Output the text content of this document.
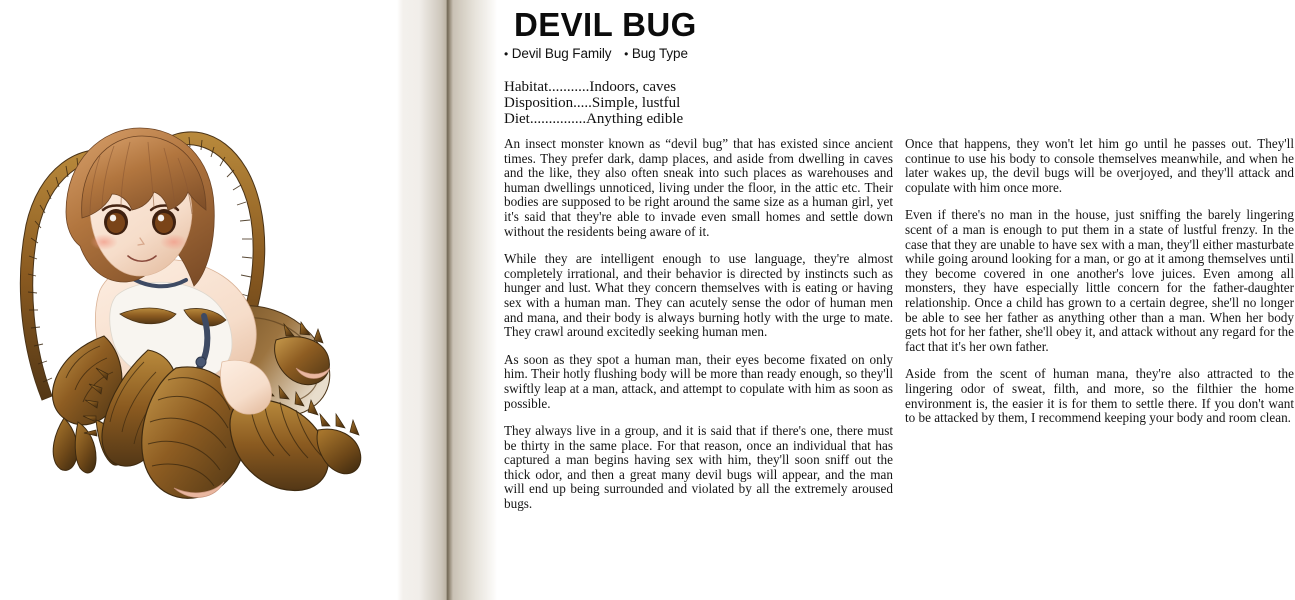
DEVIL BUG
• Devil Bug Family • Bug Type
Habitat...........Indoors, caves
Disposition.....Simple, lustful
Diet...............Anything edible

An insect monster known as “devil bug” that has existed since ancient times. They prefer dark, damp places, and aside from dwelling in caves and the like, they also often sneak into such places as warehouses and human dwellings unnoticed, living under the floor, in the attic etc. Their bodies are supposed to be right around the same size as a human girl, yet it's said that they're able to invade even small homes and settle down without the residents being aware of it.

While they are intelligent enough to use language, they're almost completely irrational, and their behavior is directed by instincts such as hunger and lust. What they concern themselves with is eating or having sex with a human man. They can acutely sense the odor of human men and mana, and their body is always burning hotly with the urge to mate. They crawl around excitedly seeking human men.

As soon as they spot a human man, their eyes become fixated on only him. Their hotly flushing body will be more than ready enough, so they'll swiftly leap at a man, attack, and attempt to copulate with him as soon as possible.

They always live in a group, and it is said that if there's one, there must be thirty in the same place. For that reason, once an individual that has captured a man begins having sex with him, they'll soon sniff out the thick odor, and then a great many devil bugs will appear, and the man will end up being surrounded and violated by all the extremely aroused bugs.

Once that happens, they won't let him go until he passes out. They'll continue to use his body to console themselves meanwhile, and when he later wakes up, the devil bugs will be overjoyed, and they'll attack and copulate with him once more.

Even if there's no man in the house, just sniffing the barely lingering scent of a man is enough to put them in a state of lustful frenzy. In the case that they are unable to have sex with a man, they'll either masturbate while going around looking for a man, or go at it among themselves until they become covered in one another's love juices. Even among all monsters, they have especially little concern for the father-daughter relationship. Once a child has grown to a certain degree, she'll no longer be able to see her father as anything other than a man. When her body gets hot for her father, she'll obey it, and attack without any regard for the fact that it's her own father.

Aside from the scent of human mana, they're also attracted to the lingering odor of sweat, filth, and more, so the filthier the home environment is, the easier it is for them to settle there. If you don't want to be attacked by them, I recommend keeping your body and room clean.
